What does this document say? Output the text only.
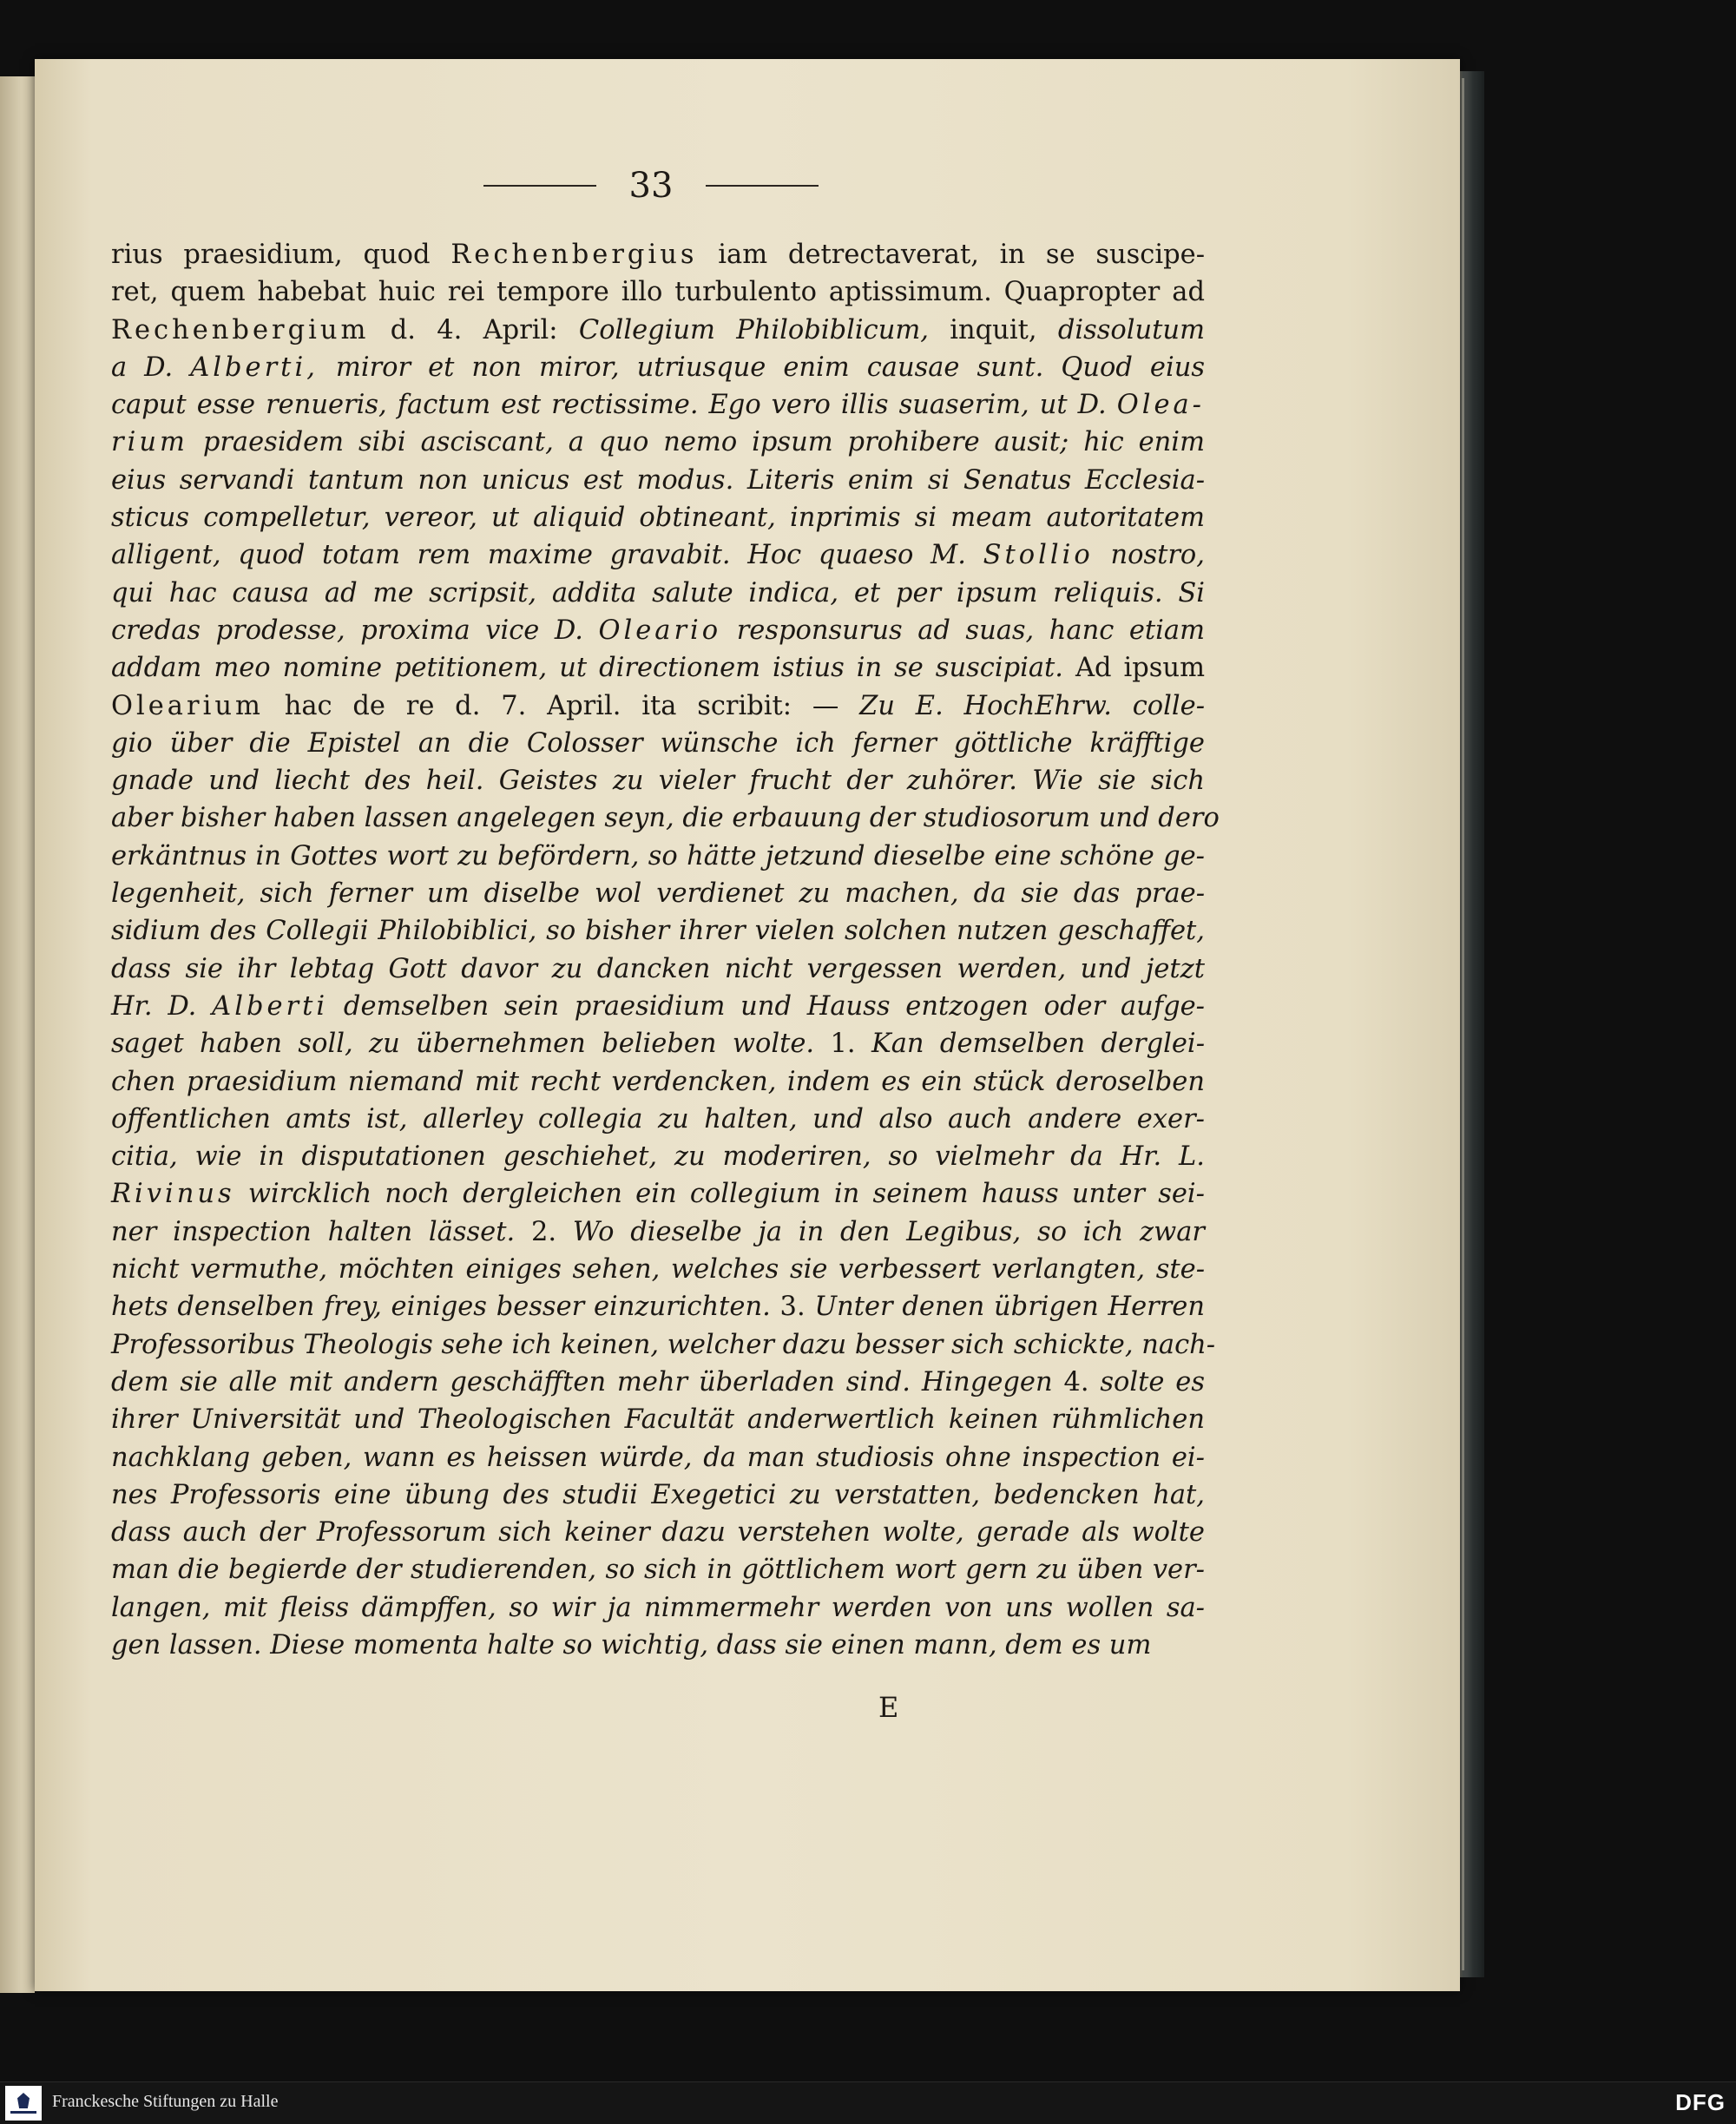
33
rius praesidium, quod Rechenbergius iam detrectaverat, in se suscipe-
ret, quem habebat huic rei tempore illo turbulento aptissimum. Quapropter ad
Rechenbergium d. 4. April: Collegium Philobiblicum, inquit, dissolutum
a D. Alberti, miror et non miror, utriusque enim causae sunt. Quod eius
caput esse renueris, factum est rectissime. Ego vero illis suaserim, ut D. Olea-
rium praesidem sibi asciscant, a quo nemo ipsum prohibere ausit; hic enim
eius servandi tantum non unicus est modus. Literis enim si Senatus Ecclesia-
sticus compelletur, vereor, ut aliquid obtineant, inprimis si meam autoritatem
alligent, quod totam rem maxime gravabit. Hoc quaeso M. Stollio nostro,
qui hac causa ad me scripsit, addita salute indica, et per ipsum reliquis. Si
credas prodesse, proxima vice D. Oleario responsurus ad suas, hanc etiam
addam meo nomine petitionem, ut directionem istius in se suscipiat. Ad ipsum
Olearium hac de re d. 7. April. ita scribit: — Zu E. HochEhrw. colle-
gio über die Epistel an die Colosser wünsche ich ferner göttliche kräfftige
gnade und liecht des heil. Geistes zu vieler frucht der zuhörer. Wie sie sich
aber bisher haben lassen angelegen seyn, die erbauung der studiosorum und dero
erkäntnus in Gottes wort zu befördern, so hätte jetzund dieselbe eine schöne ge-
legenheit, sich ferner um diselbe wol verdienet zu machen, da sie das prae-
sidium des Collegii Philobiblici, so bisher ihrer vielen solchen nutzen geschaffet,
dass sie ihr lebtag Gott davor zu dancken nicht vergessen werden, und jetzt
Hr. D. Alberti demselben sein praesidium und Hauss entzogen oder aufge-
saget haben soll, zu übernehmen belieben wolte. 1. Kan demselben derglei-
chen praesidium niemand mit recht verdencken, indem es ein stück deroselben
offentlichen amts ist, allerley collegia zu halten, und also auch andere exer-
citia, wie in disputationen geschiehet, zu moderiren, so vielmehr da Hr. L.
Rivinus wircklich noch dergleichen ein collegium in seinem hauss unter sei-
ner inspection halten lässet. 2. Wo dieselbe ja in den Legibus, so ich zwar
nicht vermuthe, möchten einiges sehen, welches sie verbessert verlangten, ste-
hets denselben frey, einiges besser einzurichten. 3. Unter denen übrigen Herren
Professoribus Theologis sehe ich keinen, welcher dazu besser sich schickte, nach-
dem sie alle mit andern geschäfften mehr überladen sind. Hingegen 4. solte es
ihrer Universität und Theologischen Facultät anderwertlich keinen rühmlichen
nachklang geben, wann es heissen würde, da man studiosis ohne inspection ei-
nes Professoris eine übung des studii Exegetici zu verstatten, bedencken hat,
dass auch der Professorum sich keiner dazu verstehen wolte, gerade als wolte
man die begierde der studierenden, so sich in göttlichem wort gern zu üben ver-
langen, mit fleiss dämpffen, so wir ja nimmermehr werden von uns wollen sa-
gen lassen. Diese momenta halte so wichtig, dass sie einen mann, dem es um
E
Franckesche Stiftungen zu Halle	DFG
